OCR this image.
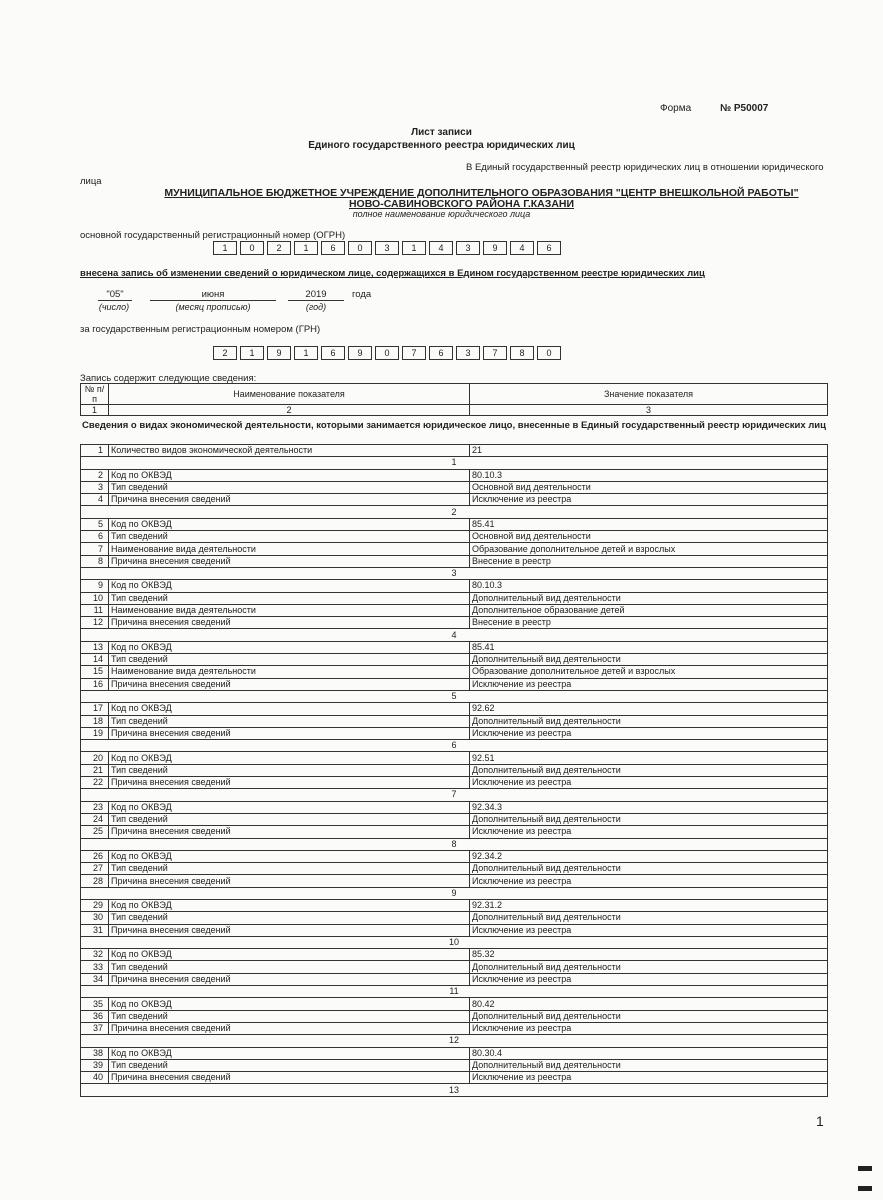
Форма	№ Р50007
Лист записи
Единого государственного реестра юридических лиц
В Единый государственный реестр юридических лиц в отношении юридического
лица
МУНИЦИПАЛЬНОЕ БЮДЖЕТНОЕ УЧРЕЖДЕНИЕ ДОПОЛНИТЕЛЬНОГО ОБРАЗОВАНИЯ "ЦЕНТР ВНЕШКОЛЬНОЙ РАБОТЫ"
НОВО-САВИНОВСКОГО РАЙОНА Г.КАЗАНИ
полное наименование юридического лица
основной государственный регистрационный номер (ОГРН)
1	0	2	1	6	0	3	1	4	3	9	4	6
внесена запись об изменении сведений о юридическом лице, содержащихся в Едином государственном реестре юридических лиц
"05"	июня	2019	года
(число)	(месяц прописью)	(год)
за государственным регистрационным номером (ГРН)
2	1	9	1	6	9	0	7	6	3	7	8	0
Запись содержит следующие сведения:
№ п/п	Наименование показателя	Значение показателя
1	2	3
Сведения о видах экономической деятельности, которыми занимается юридическое лицо, внесенные в Единый государственный реестр юридических лиц
1	Количество видов экономической деятельности	21
1		
2	Код по ОКВЭД	80.10.3
3	Тип сведений	Основной вид деятельности
4	Причина внесения сведений	Исключение из реестра
2		
5	Код по ОКВЭД	85.41
6	Тип сведений	Основной вид деятельности
7	Наименование вида деятельности	Образование дополнительное детей и взрослых
8	Причина внесения сведений	Внесение в реестр
3		
9	Код по ОКВЭД	80.10.3
10	Тип сведений	Дополнительный вид деятельности
11	Наименование вида деятельности	Дополнительное образование детей
12	Причина внесения сведений	Внесение в реестр
4		
13	Код по ОКВЭД	85.41
14	Тип сведений	Дополнительный вид деятельности
15	Наименование вида деятельности	Образование дополнительное детей и взрослых
16	Причина внесения сведений	Исключение из реестра
5		
17	Код по ОКВЭД	92.62
18	Тип сведений	Дополнительный вид деятельности
19	Причина внесения сведений	Исключение из реестра
6		
20	Код по ОКВЭД	92.51
21	Тип сведений	Дополнительный вид деятельности
22	Причина внесения сведений	Исключение из реестра
7		
23	Код по ОКВЭД	92.34.3
24	Тип сведений	Дополнительный вид деятельности
25	Причина внесения сведений	Исключение из реестра
8		
26	Код по ОКВЭД	92.34.2
27	Тип сведений	Дополнительный вид деятельности
28	Причина внесения сведений	Исключение из реестра
9		
29	Код по ОКВЭД	92.31.2
30	Тип сведений	Дополнительный вид деятельности
31	Причина внесения сведений	Исключение из реестра
10		
32	Код по ОКВЭД	85.32
33	Тип сведений	Дополнительный вид деятельности
34	Причина внесения сведений	Исключение из реестра
11		
35	Код по ОКВЭД	80.42
36	Тип сведений	Дополнительный вид деятельности
37	Причина внесения сведений	Исключение из реестра
12		
38	Код по ОКВЭД	80.30.4
39	Тип сведений	Дополнительный вид деятельности
40	Причина внесения сведений	Исключение из реестра
13		
1
